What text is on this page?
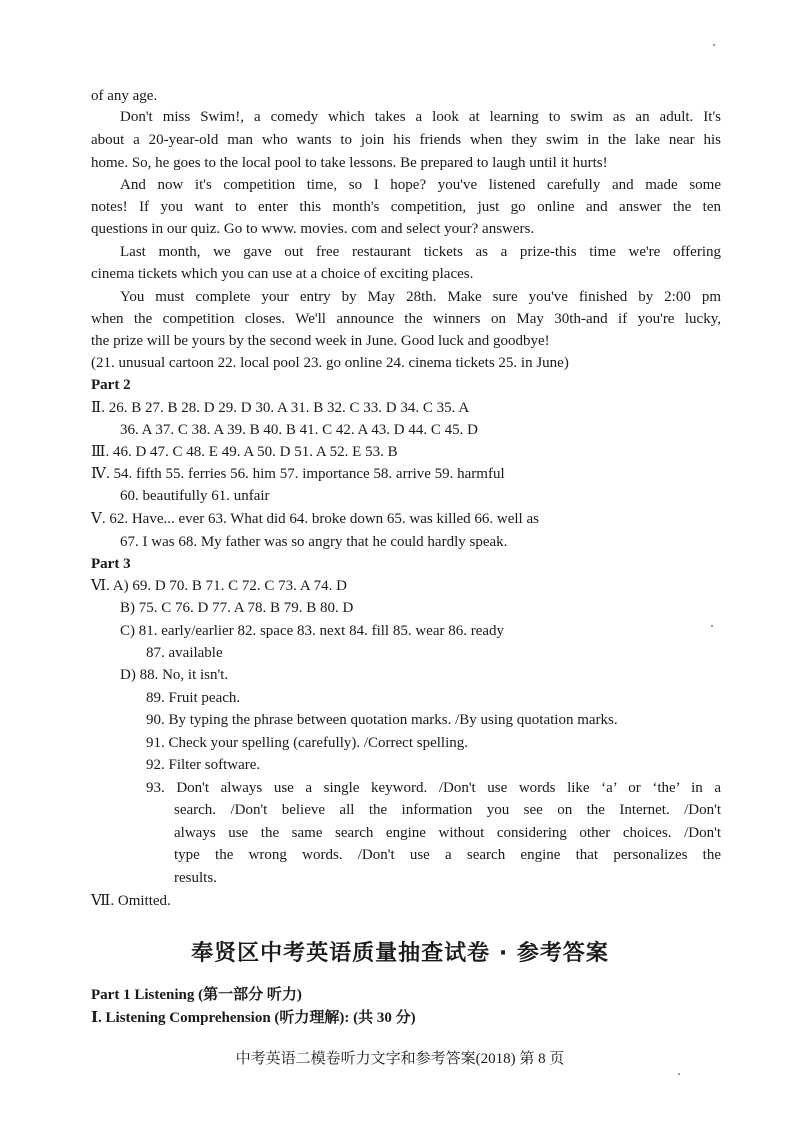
of any age.
Don't miss Swim!, a comedy which takes a look at learning to swim as an adult. It's
about a 20-year-old man who wants to join his friends when they swim in the lake near his
home. So, he goes to the local pool to take lessons. Be prepared to laugh until it hurts!
And now it's competition time, so I hope? you've listened carefully and made some
notes! If you want to enter this month's competition, just go online and answer the ten
questions in our quiz. Go to www. movies. com and select your? answers.
Last month, we gave out free restaurant tickets as a prize-this time we're offering
cinema tickets which you can use at a choice of exciting places.
You must complete your entry by May 28th. Make sure you've finished by 2:00 pm
when the competition closes. We'll announce the winners on May 30th-and if you're lucky,
the prize will be yours by the second week in June. Good luck and goodbye!
(21. unusual cartoon 22. local pool 23. go online 24. cinema tickets 25. in June)
Part 2
Ⅱ. 26. B 27. B 28. D 29. D 30. A 31. B 32. C 33. D 34. C 35. A
36. A 37. C 38. A 39. B 40. B 41. C 42. A 43. D 44. C 45. D
Ⅲ. 46. D 47. C 48. E 49. A 50. D 51. A 52. E 53. B
Ⅳ. 54. fifth 55. ferries 56. him 57. importance 58. arrive 59. harmful
60. beautifully 61. unfair
Ⅴ. 62. Have... ever 63. What did 64. broke down 65. was killed 66. well as
67. I was 68. My father was so angry that he could hardly speak.
Part 3
Ⅵ. A) 69. D 70. B 71. C 72. C 73. A 74. D
B) 75. C 76. D 77. A 78. B 79. B 80. D
C) 81. early/earlier 82. space 83. next 84. fill 85. wear 86. ready
87. available
D) 88. No, it isn't.
89. Fruit peach.
90. By typing the phrase between quotation marks. /By using quotation marks.
91. Check your spelling (carefully). /Correct spelling.
92. Filter software.
93. Don't always use a single keyword. /Don't use words like ‘a’ or ‘the’ in a
search. /Don't believe all the information you see on the Internet. /Don't
always use the same search engine without considering other choices. /Don't
type the wrong words. /Don't use a search engine that personalizes the
results.
Ⅶ. Omitted.
奉贤区中考英语质量抽查试卷 · 参考答案
Part 1 Listening (第一部分 听力)
Ⅰ. Listening Comprehension (听力理解): (共 30 分)
中考英语二模卷听力文字和参考答案(2018) 第 8 页
